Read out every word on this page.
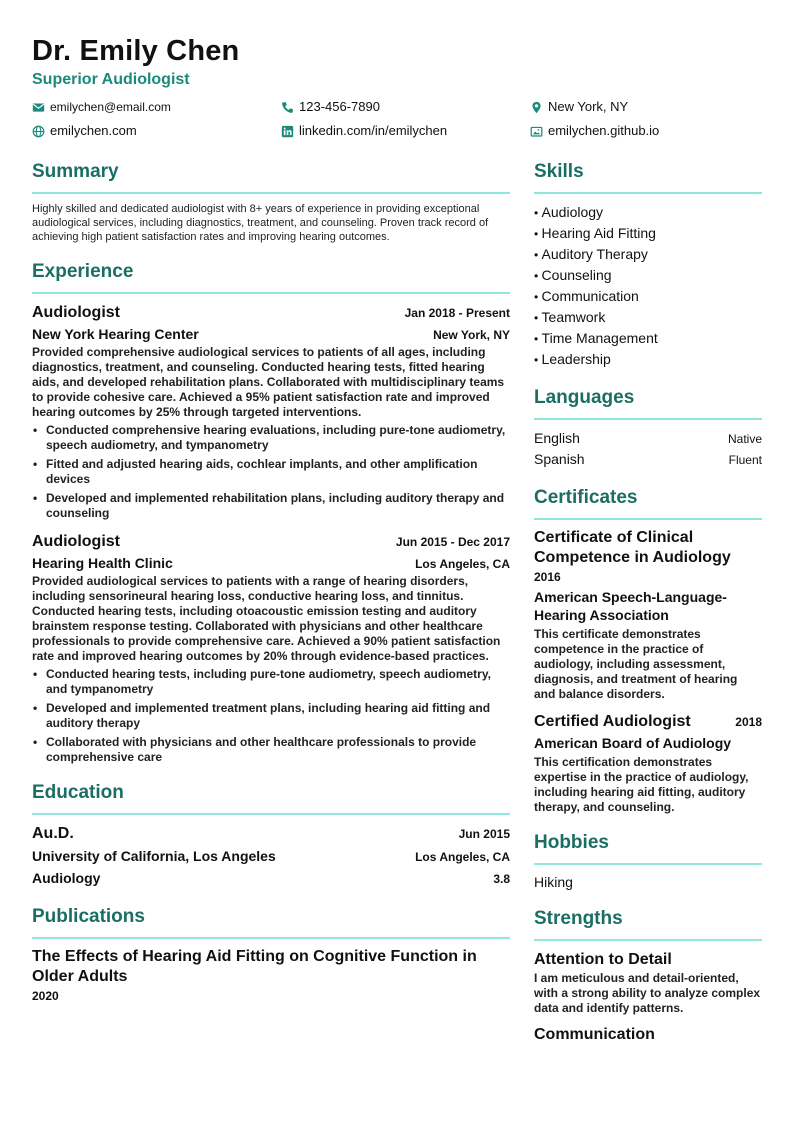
Dr. Emily Chen
Superior Audiologist
emilychen@email.com	123-456-7890	New York, NY
emilychen.com	linkedin.com/in/emilychen	emilychen.github.io
Summary
Highly skilled and dedicated audiologist with 8+ years of experience in providing exceptional audiological services, including diagnostics, treatment, and counseling. Proven track record of achieving high patient satisfaction rates and improving hearing outcomes.
Experience
Audiologist	Jan 2018 - Present
New York Hearing Center	New York, NY
Provided comprehensive audiological services to patients of all ages, including diagnostics, treatment, and counseling. Conducted hearing tests, fitted hearing aids, and developed rehabilitation plans. Collaborated with multidisciplinary teams to provide cohesive care. Achieved a 95% patient satisfaction rate and improved hearing outcomes by 25% through targeted interventions.
• Conducted comprehensive hearing evaluations, including pure-tone audiometry, speech audiometry, and tympanometry
• Fitted and adjusted hearing aids, cochlear implants, and other amplification devices
• Developed and implemented rehabilitation plans, including auditory therapy and counseling
Audiologist	Jun 2015 - Dec 2017
Hearing Health Clinic	Los Angeles, CA
Provided audiological services to patients with a range of hearing disorders, including sensorineural hearing loss, conductive hearing loss, and tinnitus. Conducted hearing tests, including otoacoustic emission testing and auditory brainstem response testing. Collaborated with physicians and other healthcare professionals to provide comprehensive care. Achieved a 90% patient satisfaction rate and improved hearing outcomes by 20% through evidence-based practices.
• Conducted hearing tests, including pure-tone audiometry, speech audiometry, and tympanometry
• Developed and implemented treatment plans, including hearing aid fitting and auditory therapy
• Collaborated with physicians and other healthcare professionals to provide comprehensive care
Education
Au.D.	Jun 2015
University of California, Los Angeles	Los Angeles, CA
Audiology	3.8
Publications
The Effects of Hearing Aid Fitting on Cognitive Function in Older Adults
2020
Skills
• Audiology
• Hearing Aid Fitting
• Auditory Therapy
• Counseling
• Communication
• Teamwork
• Time Management
• Leadership
Languages
English	Native
Spanish	Fluent
Certificates
Certificate of Clinical Competence in Audiology
2016
American Speech-Language-Hearing Association
This certificate demonstrates competence in the practice of audiology, including assessment, diagnosis, and treatment of hearing and balance disorders.
Certified Audiologist	2018
American Board of Audiology
This certification demonstrates expertise in the practice of audiology, including hearing aid fitting, auditory therapy, and counseling.
Hobbies
Hiking
Strengths
Attention to Detail
I am meticulous and detail-oriented, with a strong ability to analyze complex data and identify patterns.
Communication
